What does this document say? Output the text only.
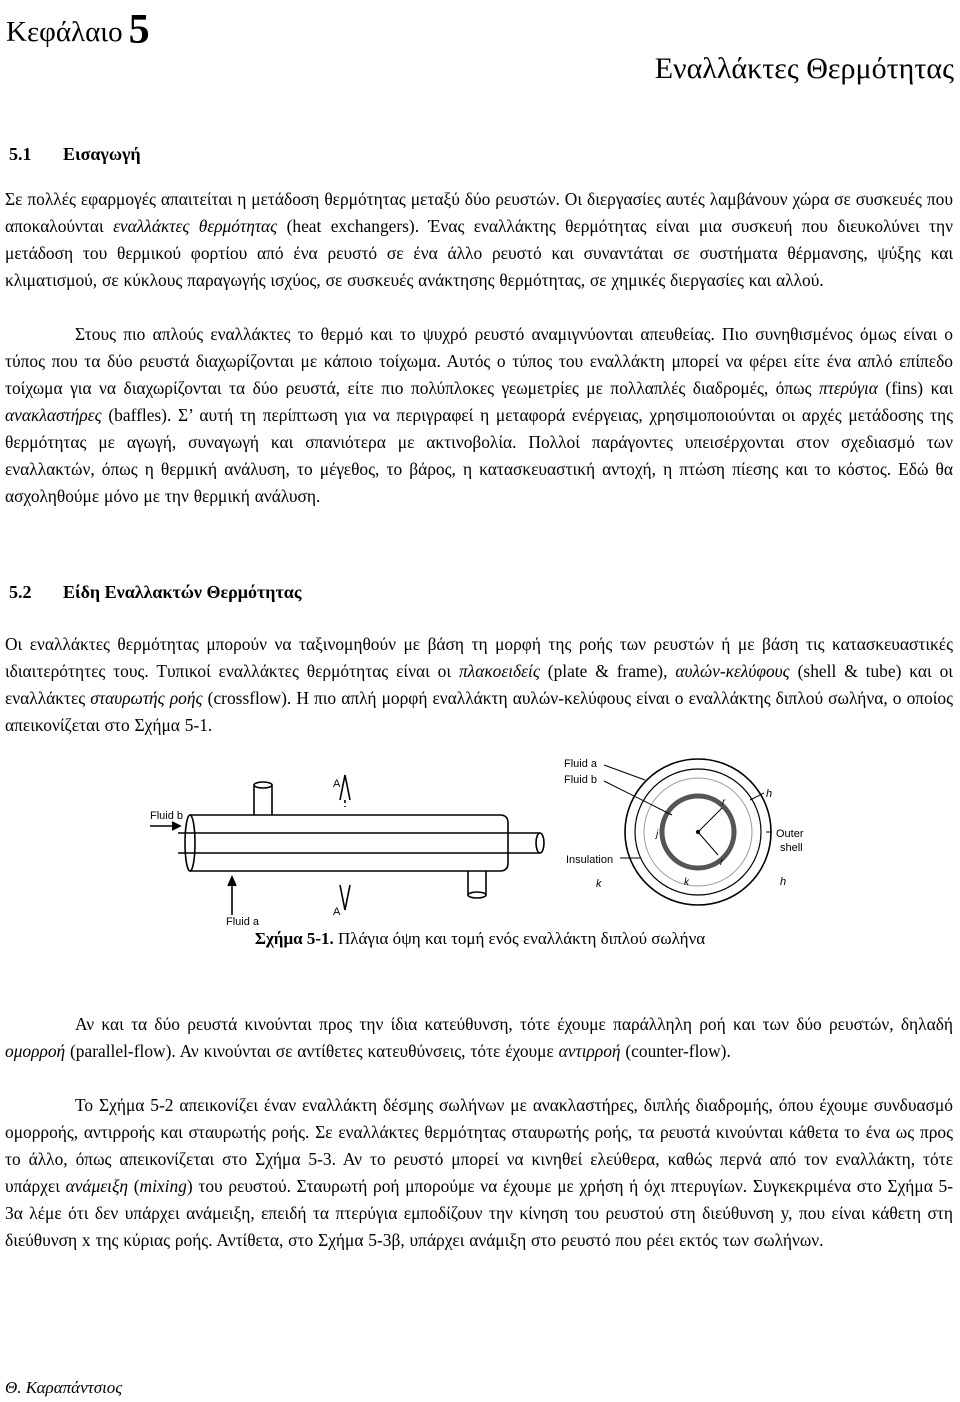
Κεφάλαιο 5
Εναλλάκτες Θερμότητας
5.1 Εισαγωγή
Σε πολλές εφαρμογές απαιτείται η μετάδοση θερμότητας μεταξύ δύο ρευστών. Οι διεργασίες αυτές λαμβάνουν χώρα σε συσκευές που αποκαλούνται εναλλάκτες θερμότητας (heat exchangers). Ένας εναλλάκτης θερμότητας είναι μια συσκευή που διευκολύνει την μετάδοση του θερμικού φορτίου από ένα ρευστό σε ένα άλλο ρευστό και συναντάται σε συστήματα θέρμανσης, ψύξης και κλιματισμού, σε κύκλους παραγωγής ισχύος, σε συσκευές ανάκτησης θερμότητας, σε χημικές διεργασίες και αλλού.
Στους πιο απλούς εναλλάκτες το θερμό και το ψυχρό ρευστό αναμιγνύονται απευθείας. Πιο συνηθισμένος όμως είναι ο τύπος που τα δύο ρευστά διαχωρίζονται με κάποιο τοίχωμα. Αυτός ο τύπος του εναλλάκτη μπορεί να φέρει είτε ένα απλό επίπεδο τοίχωμα για να διαχωρίζονται τα δύο ρευστά, είτε πιο πολύπλοκες γεωμετρίες με πολλαπλές διαδρομές, όπως πτερύγια (fins) και ανακλαστήρες (baffles). Σ’ αυτή τη περίπτωση για να περιγραφεί η μεταφορά ενέργειας, χρησιμοποιούνται οι αρχές μετάδοσης της θερμότητας με αγωγή, συναγωγή και σπανιότερα με ακτινοβολία. Πολλοί παράγοντες υπεισέρχονται στον σχεδιασμό των εναλλακτών, όπως η θερμική ανάλυση, το μέγεθος, το βάρος, η κατασκευαστική αντοχή, η πτώση πίεσης και το κόστος. Εδώ θα ασχοληθούμε μόνο με την θερμική ανάλυση.
5.2 Είδη Εναλλακτών Θερμότητας
Οι εναλλάκτες θερμότητας μπορούν να ταξινομηθούν με βάση τη μορφή της ροής των ρευστών ή με βάση τις κατασκευαστικές ιδιαιτερότητες τους. Τυπικοί εναλλάκτες θερμότητας είναι οι πλακοειδείς (plate & frame), αυλών-κελύφους (shell & tube) και οι εναλλάκτες σταυρωτής ροής (crossflow). Η πιο απλή μορφή εναλλάκτη αυλών-κελύφους είναι ο εναλλάκτης διπλού σωλήνα, ο οποίος απεικονίζεται στο Σχήμα 5-1.
Fluid b
Fluid a
A
A
Fluid a
Fluid b
Insulation
Outer
shell
h
h
r
r
j
k
k
Σχήμα 5-1. Πλάγια όψη και τομή ενός εναλλάκτη διπλού σωλήνα
Αν και τα δύο ρευστά κινούνται προς την ίδια κατεύθυνση, τότε έχουμε παράλληλη ροή και των δύο ρευστών, δηλαδή ομορροή (parallel-flow). Αν κινούνται σε αντίθετες κατευθύνσεις, τότε έχουμε αντιρροή (counter-flow).
Το Σχήμα 5-2 απεικονίζει έναν εναλλάκτη δέσμης σωλήνων με ανακλαστήρες, διπλής διαδρομής, όπου έχουμε συνδυασμό ομορροής, αντιρροής και σταυρωτής ροής. Σε εναλλάκτες θερμότητας σταυρωτής ροής, τα ρευστά κινούνται κάθετα το ένα ως προς το άλλο, όπως απεικονίζεται στο Σχήμα 5-3. Αν το ρευστό μπορεί να κινηθεί ελεύθερα, καθώς περνά από τον εναλλάκτη, τότε υπάρχει ανάμειξη (mixing) του ρευστού. Σταυρωτή ροή μπορούμε να έχουμε με χρήση ή όχι πτερυγίων. Συγκεκριμένα στο Σχήμα 5-3α λέμε ότι δεν υπάρχει ανάμειξη, επειδή τα πτερύγια εμποδίζουν την κίνηση του ρευστού στη διεύθυνση y, που είναι κάθετη στη διεύθυνση x της κύριας ροής. Αντίθετα, στο Σχήμα 5-3β, υπάρχει ανάμιξη στο ρευστό που ρέει εκτός των σωλήνων.
Θ. Καραπάντσιος
